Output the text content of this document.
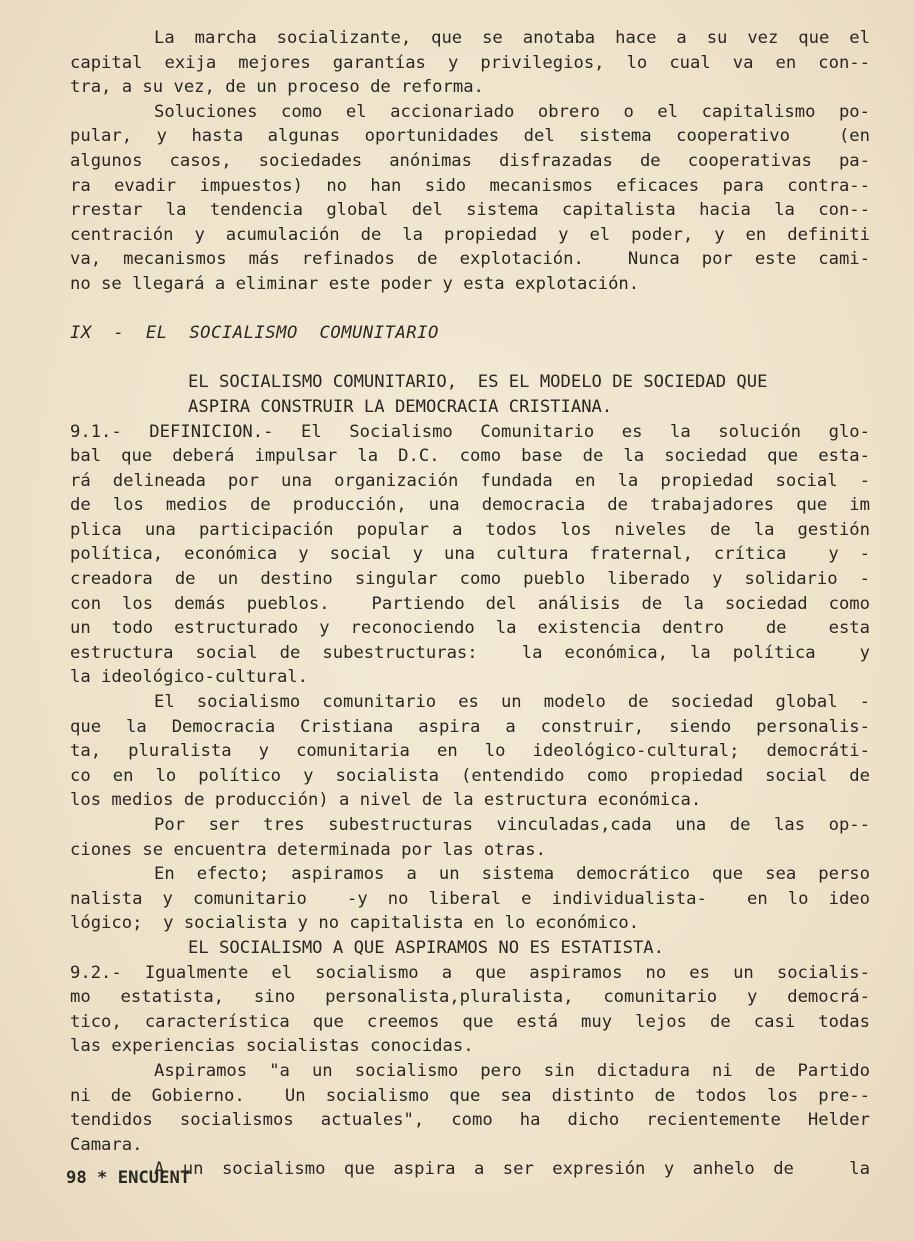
La marcha socializante, que se anotaba hace a su vez que el
capital exija mejores garantías y privilegios, lo cual va en con--
tra, a su vez, de un proceso de reforma.
Soluciones como el accionariado obrero o el capitalismo po-
pular, y hasta algunas oportunidades del sistema cooperativo  (en
algunos casos, sociedades anónimas disfrazadas de cooperativas pa-
ra evadir impuestos) no han sido mecanismos eficaces para contra--
rrestar la tendencia global del sistema capitalista hacia la con--
centración y acumulación de la propiedad y el poder, y en definiti
va, mecanismos más refinados de explotación.  Nunca por este cami-
no se llegará a eliminar este poder y esta explotación.
IX  -  EL  SOCIALISMO  COMUNITARIO
EL SOCIALISMO COMUNITARIO,  ES EL MODELO DE SOCIEDAD QUE
ASPIRA CONSTRUIR LA DEMOCRACIA CRISTIANA.
9.1.- DEFINICION.- El Socialismo Comunitario es la solución glo-
bal que deberá impulsar la D.C. como base de la sociedad que esta-
rá delineada por una organización fundada en la propiedad social -
de los medios de producción, una democracia de trabajadores que im
plica una participación popular a todos los niveles de la gestión
política, económica y social y una cultura fraternal, crítica  y -
creadora de un destino singular como pueblo liberado y solidario -
con los demás pueblos.  Partiendo del análisis de la sociedad como
un todo estructurado y reconociendo la existencia dentro  de  esta
estructura social de subestructuras:  la económica, la política  y
la ideológico-cultural.
El socialismo comunitario es un modelo de sociedad global -
que la Democracia Cristiana aspira a construir, siendo personalis-
ta, pluralista y comunitaria en lo ideológico-cultural; democráti-
co en lo político y socialista (entendido como propiedad social de
los medios de producción) a nivel de la estructura económica.
Por ser tres subestructuras vinculadas,cada una de las op--
ciones se encuentra determinada por las otras.
En efecto; aspiramos a un sistema democrático que sea perso
nalista y comunitario  -y no liberal e individualista-  en lo ideo
lógico;  y socialista y no capitalista en lo económico.
EL SOCIALISMO A QUE ASPIRAMOS NO ES ESTATISTA.
9.2.- Igualmente el socialismo a que aspiramos no es un socialis-
mo estatista, sino personalista,pluralista, comunitario y democrá-
tico, característica que creemos que está muy lejos de casi todas
las experiencias socialistas conocidas.
Aspiramos "a un socialismo pero sin dictadura ni de Partido
ni de Gobierno.  Un socialismo que sea distinto de todos los pre--
tendidos socialismos actuales", como ha dicho recientemente Helder
Camara.
A un socialismo que aspira a ser expresión y anhelo de   la
98 * ENCUENT
